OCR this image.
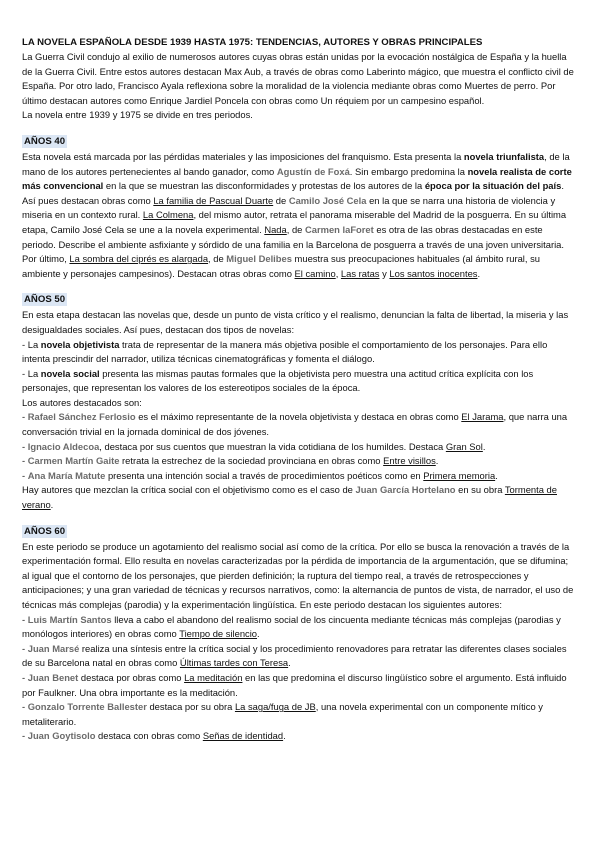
LA NOVELA ESPAÑOLA DESDE 1939 HASTA 1975: TENDENCIAS, AUTORES Y OBRAS PRINCIPALES

La Guerra Civil condujo al exilio de numerosos autores cuyas obras están unidas por la evocación nostálgica de España y la huella de la Guerra Civil. Entre estos autores destacan Max Aub, a través de obras como Laberinto mágico, que muestra el conflicto civil de España. Por otro lado, Francisco Ayala reflexiona sobre la moralidad de la violencia mediante obras como Muertes de perro. Por último destacan autores como Enrique Jardiel Poncela con obras como Un réquiem por un campesino español.

La novela entre 1939 y 1975 se divide en tres periodos.

AÑOS 40

Esta novela está marcada por las pérdidas materiales y las imposiciones del franquismo. Esta presenta la novela triunfalista, de la mano de los autores pertenecientes al bando ganador, como Agustín de Foxá. Sin embargo predomina la novela realista de corte más convencional en la que se muestran las disconformidades y protestas de los autores de la época por la situación del país. Así pues destacan obras como La familia de Pascual Duarte de Camilo José Cela en la que se narra una historia de violencia y miseria en un contexto rural. La Colmena, del mismo autor, retrata el panorama miserable del Madrid de la posguerra. En su última etapa, Camilo José Cela se une a la novela experimental. Nada, de Carmen laForet es otra de las obras destacadas en este periodo. Describe el ambiente asfixiante y sórdido de una familia en la Barcelona de posguerra a través de una joven universitaria. Por último, La sombra del ciprés es alargada, de Miguel Delibes muestra sus preocupaciones habituales (al ámbito rural, su ambiente y personajes campesinos). Destacan otras obras como El camino, Las ratas y Los santos inocentes.

AÑOS 50

En esta etapa destacan las novelas que, desde un punto de vista crítico y el realismo, denuncian la falta de libertad, la miseria y las desigualdades sociales. Así pues, destacan dos tipos de novelas:

- La novela objetivista trata de representar de la manera más objetiva posible el comportamiento de los personajes. Para ello intenta prescindir del narrador, utiliza técnicas cinematográficas y fomenta el diálogo.

- La novela social presenta las mismas pautas formales que la objetivista pero muestra una actitud crítica explícita con los personajes, que representan los valores de los estereotipos sociales de la época.

Los autores destacados son:

- Rafael Sánchez Ferlosio es el máximo representante de la novela objetivista y destaca en obras como El Jarama, que narra una conversación trivial en la jornada dominical de dos jóvenes.

- Ignacio Aldecoa, destaca por sus cuentos que muestran la vida cotidiana de los humildes. Destaca Gran Sol.

- Carmen Martín Gaite retrata la estrechez de la sociedad provinciana en obras como Entre visillos.

- Ana María Matute presenta una intención social a través de procedimientos poéticos como en Primera memoria.

Hay autores que mezclan la crítica social con el objetivismo como es el caso de Juan García Hortelano en su obra Tormenta de verano.

AÑOS 60

En este periodo se produce un agotamiento del realismo social así como de la crítica. Por ello se busca la renovación a través de la experimentación formal. Ello resulta en novelas caracterizadas por la pérdida de importancia de la argumentación, que se difumina; al igual que el contorno de los personajes, que pierden definición; la ruptura del tiempo real, a través de retrospecciones y anticipaciones; y una gran variedad de técnicas y recursos narrativos, como: la alternancia de puntos de vista, de narrador, el uso de técnicas más complejas (parodia) y la experimentación lingüística. En este periodo destacan los siguientes autores:

- Luis Martín Santos lleva a cabo el abandono del realismo social de los cincuenta mediante técnicas más complejas (parodias y monólogos interiores) en obras como Tiempo de silencio.

- Juan Marsé realiza una síntesis entre la crítica social y los procedimiento renovadores para retratar las diferentes clases sociales de su Barcelona natal en obras como Últimas tardes con Teresa.

- Juan Benet destaca por obras como La meditación en las que predomina el discurso lingüístico sobre el argumento. Está influido por Faulkner. Una obra importante es la meditación.

- Gonzalo Torrente Ballester destaca por su obra La saga/fuga de JB, una novela experimental con un componente mítico y metaliterario.

- Juan Goytisolo destaca con obras como Señas de identidad.
